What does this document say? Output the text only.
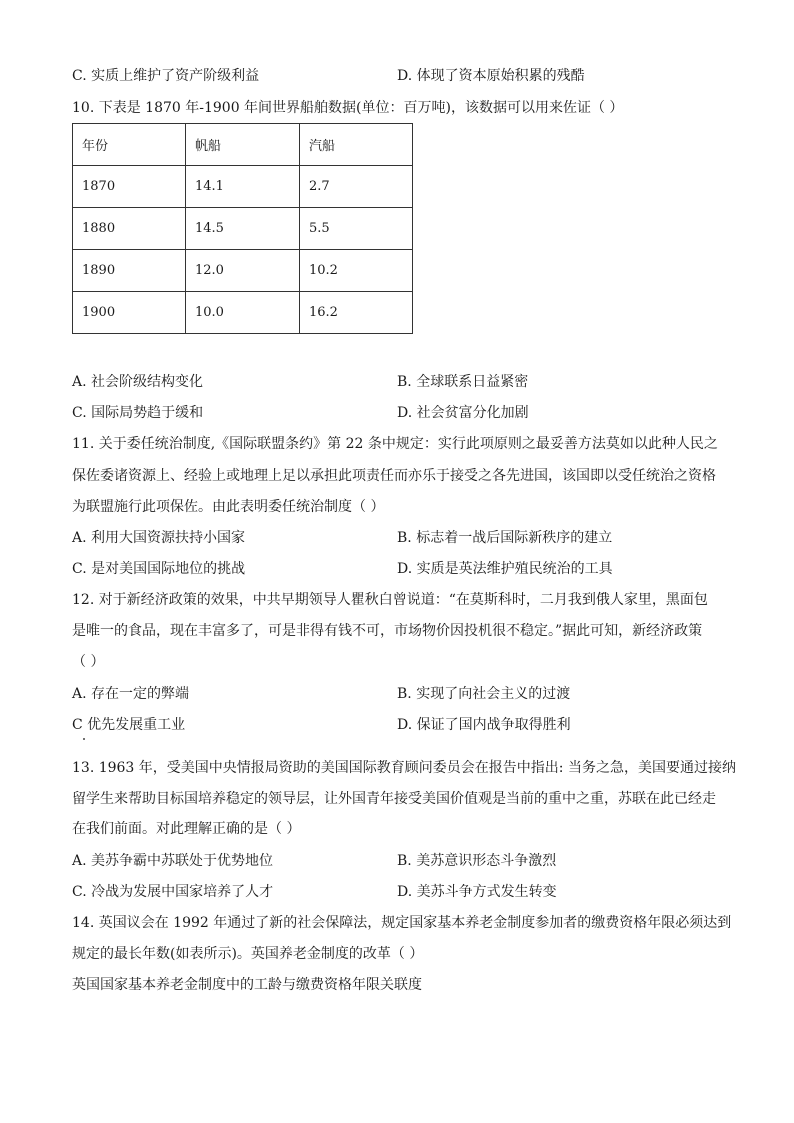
C. 实质上维护了资产阶级利益	D. 体现了资本原始积累的残酷
10. 下表是 1870 年-1900 年间世界船舶数据(单位：百万吨)，该数据可以用来佐证（ ）
年份	帆船	汽船
1870	14.1	2.7
1880	14.5	5.5
1890	12.0	10.2
1900	10.0	16.2
A. 社会阶级结构变化	B. 全球联系日益紧密
C. 国际局势趋于缓和	D. 社会贫富分化加剧
11. 关于委任统治制度,《国际联盟条约》第 22 条中规定：实行此项原则之最妥善方法莫如以此种人民之
保佐委诸资源上、经验上或地理上足以承担此项责任而亦乐于接受之各先进国，该国即以受任统治之资格
为联盟施行此项保佐。由此表明委任统治制度（ ）
A. 利用大国资源扶持小国家	B. 标志着一战后国际新秩序的建立
C. 是对美国国际地位的挑战	D. 实质是英法维护殖民统治的工具
12. 对于新经济政策的效果，中共早期领导人瞿秋白曾说道：“在莫斯科时，二月我到俄人家里，黑面包
是唯一的食品，现在丰富多了，可是非得有钱不可，市场物价因投机很不稳定。”据此可知，新经济政策
（ ）
A. 存在一定的弊端	B. 实现了向社会主义的过渡
C 优先发展重工业	D. 保证了国内战争取得胜利
13. 1963 年，受美国中央情报局资助的美国国际教育顾问委员会在报告中指出: 当务之急，美国要通过接纳
留学生来帮助目标国培养稳定的领导层，让外国青年接受美国价值观是当前的重中之重，苏联在此已经走
在我们前面。对此理解正确的是（ ）
A. 美苏争霸中苏联处于优势地位	B. 美苏意识形态斗争激烈
C. 冷战为发展中国家培养了人才	D. 美苏斗争方式发生转变
14. 英国议会在 1992 年通过了新的社会保障法，规定国家基本养老金制度参加者的缴费资格年限必须达到
规定的最长年数(如表所示)。英国养老金制度的改革（ ）
英国国家基本养老金制度中的工龄与缴费资格年限关联度
